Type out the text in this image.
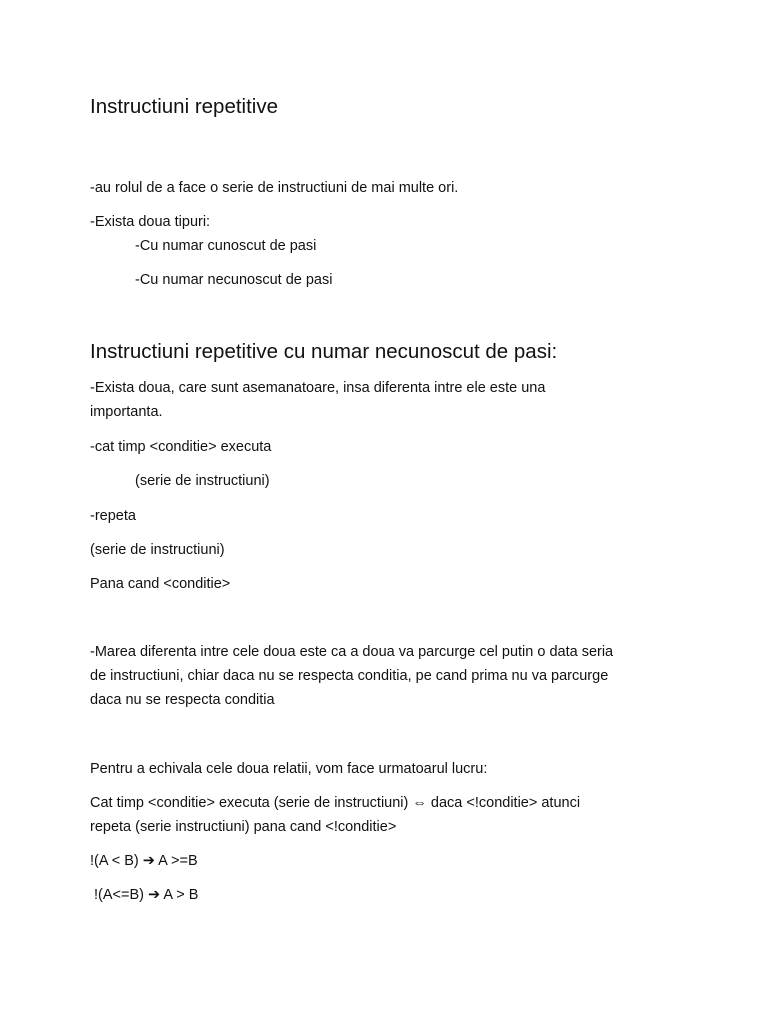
Instructiuni repetitive
-au rolul de a face o serie de instructiuni de mai multe ori.
-Exista doua tipuri:
-Cu numar cunoscut de pasi
-Cu numar necunoscut de pasi
Instructiuni repetitive cu numar necunoscut de pasi:
-Exista doua, care sunt asemanatoare, insa diferenta intre ele este una
importanta.
-cat timp <conditie> executa
(serie de instructiuni)
-repeta
(serie de instructiuni)
Pana cand <conditie>
-Marea diferenta intre cele doua este ca a doua va parcurge cel putin o data seria
de instructiuni, chiar daca nu se respecta conditia, pe cand prima nu va parcurge
daca nu se respecta conditia
Pentru a echivala cele doua relatii, vom face urmatoarul lucru:
Cat timp <conditie> executa (serie de instructiuni) ⇔ daca <!conditie> atunci
repeta (serie instructiuni) pana cand <!conditie>
!(A < B) ➔ A >=B
!(A<=B) ➔ A > B
